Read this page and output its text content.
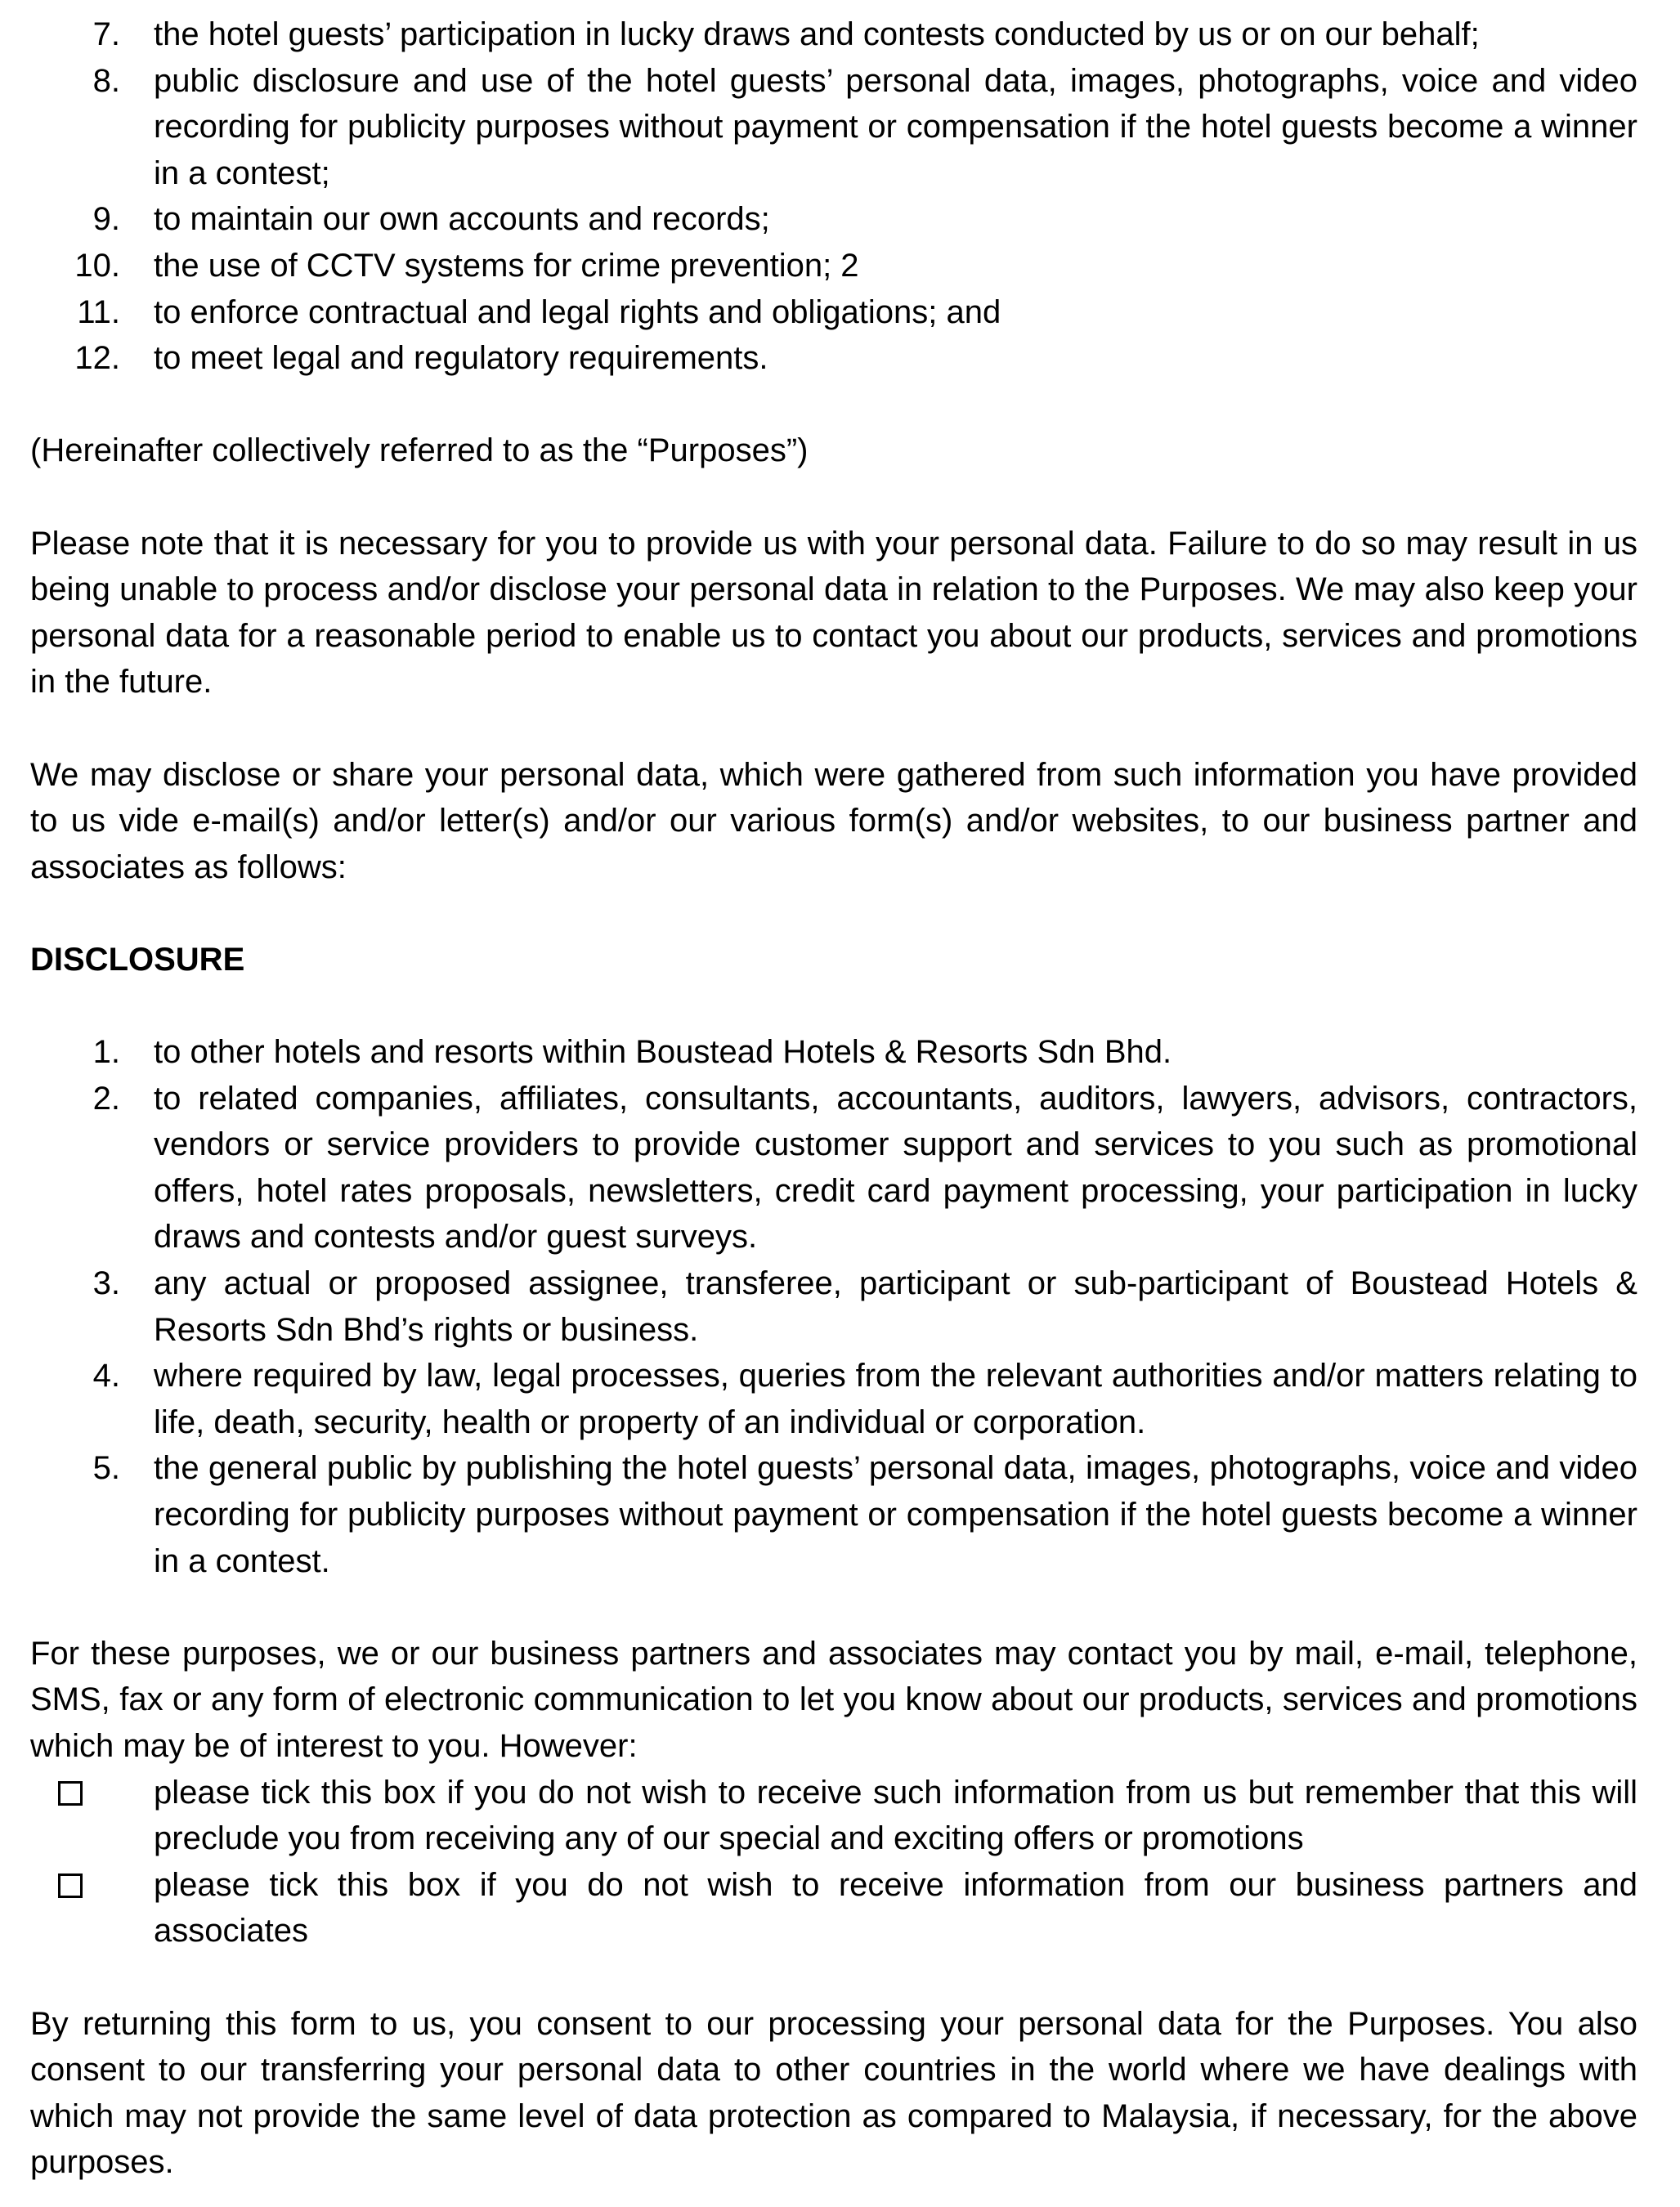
7. the hotel guests’ participation in lucky draws and contests conducted by us or on our behalf;
8. public disclosure and use of the hotel guests’ personal data, images, photographs, voice and video recording for publicity purposes without payment or compensation if the hotel guests become a winner in a contest;
9. to maintain our own accounts and records;
10. the use of CCTV systems for crime prevention; 2
11. to enforce contractual and legal rights and obligations; and
12. to meet legal and regulatory requirements.

(Hereinafter collectively referred to as the “Purposes”)

Please note that it is necessary for you to provide us with your personal data. Failure to do so may result in us being unable to process and/or disclose your personal data in relation to the Purposes. We may also keep your personal data for a reasonable period to enable us to contact you about our products, services and promotions in the future.

We may disclose or share your personal data, which were gathered from such information you have provided to us vide e-mail(s) and/or letter(s) and/or our various form(s) and/or websites, to our business partner and associates as follows:

DISCLOSURE

1. to other hotels and resorts within Boustead Hotels & Resorts Sdn Bhd.
2. to related companies, affiliates, consultants, accountants, auditors, lawyers, advisors, contractors, vendors or service providers to provide customer support and services to you such as promotional offers, hotel rates proposals, newsletters, credit card payment processing, your participation in lucky draws and contests and/or guest surveys.
3. any actual or proposed assignee, transferee, participant or sub-participant of Boustead Hotels & Resorts Sdn Bhd’s rights or business.
4. where required by law, legal processes, queries from the relevant authorities and/or matters relating to life, death, security, health or property of an individual or corporation.
5. the general public by publishing the hotel guests’ personal data, images, photographs, voice and video recording for publicity purposes without payment or compensation if the hotel guests become a winner in a contest.

For these purposes, we or our business partners and associates may contact you by mail, e-mail, telephone, SMS, fax or any form of electronic communication to let you know about our products, services and promotions which may be of interest to you. However:

please tick this box if you do not wish to receive such information from us but remember that this will preclude you from receiving any of our special and exciting offers or promotions
please tick this box if you do not wish to receive information from our business partners and associates

By returning this form to us, you consent to our processing your personal data for the Purposes. You also consent to our transferring your personal data to other countries in the world where we have dealings with which may not provide the same level of data protection as compared to Malaysia, if necessary, for the above purposes.
